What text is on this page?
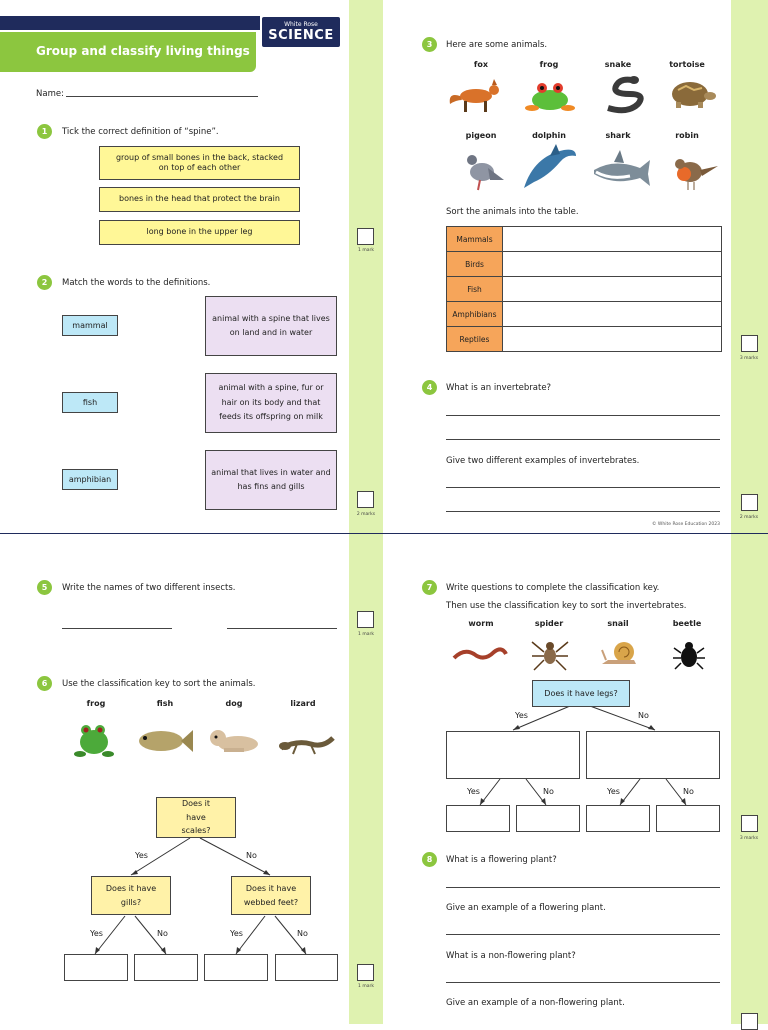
Group and classify living things
White Rose
SCIENCE
Name:
1	Tick the correct definition of “spine”.
group of small bones in the back, stacked on top of each other
bones in the head that protect the brain
long bone in the upper leg
1 mark
2	Match the words to the definitions.
mammal
fish
amphibian
animal with a spine that lives on land and in water
animal with a spine, fur or hair on its body and that feeds its offspring on milk
animal that lives in water and has fins and gills
2 marks
3	Here are some animals.
fox	frog	snake	tortoise
pigeon	dolphin	shark	robin
Sort the animals into the table.
Mammals	
Birds	
Fish	
Amphibians	
Reptiles	
3 marks
4	What is an invertebrate?
Give two different examples of invertebrates.
2 marks
© White Rose Education 2023
5	Write the names of two different insects.
1 mark
6	Use the classification key to sort the animals.
frog	fish	dog	lizard
Does it have scales?
Yes	No
Does it have gills?
Does it have webbed feet?
Yes	No	Yes	No
1 mark
7	Write questions to complete the classification key.
Then use the classification key to sort the invertebrates.
worm	spider	snail	beetle
Does it have legs?
Yes	No
Yes	No	Yes	No
3 marks
8	What is a flowering plant?
Give an example of a flowering plant.
What is a non-flowering plant?
Give an example of a non-flowering plant.
